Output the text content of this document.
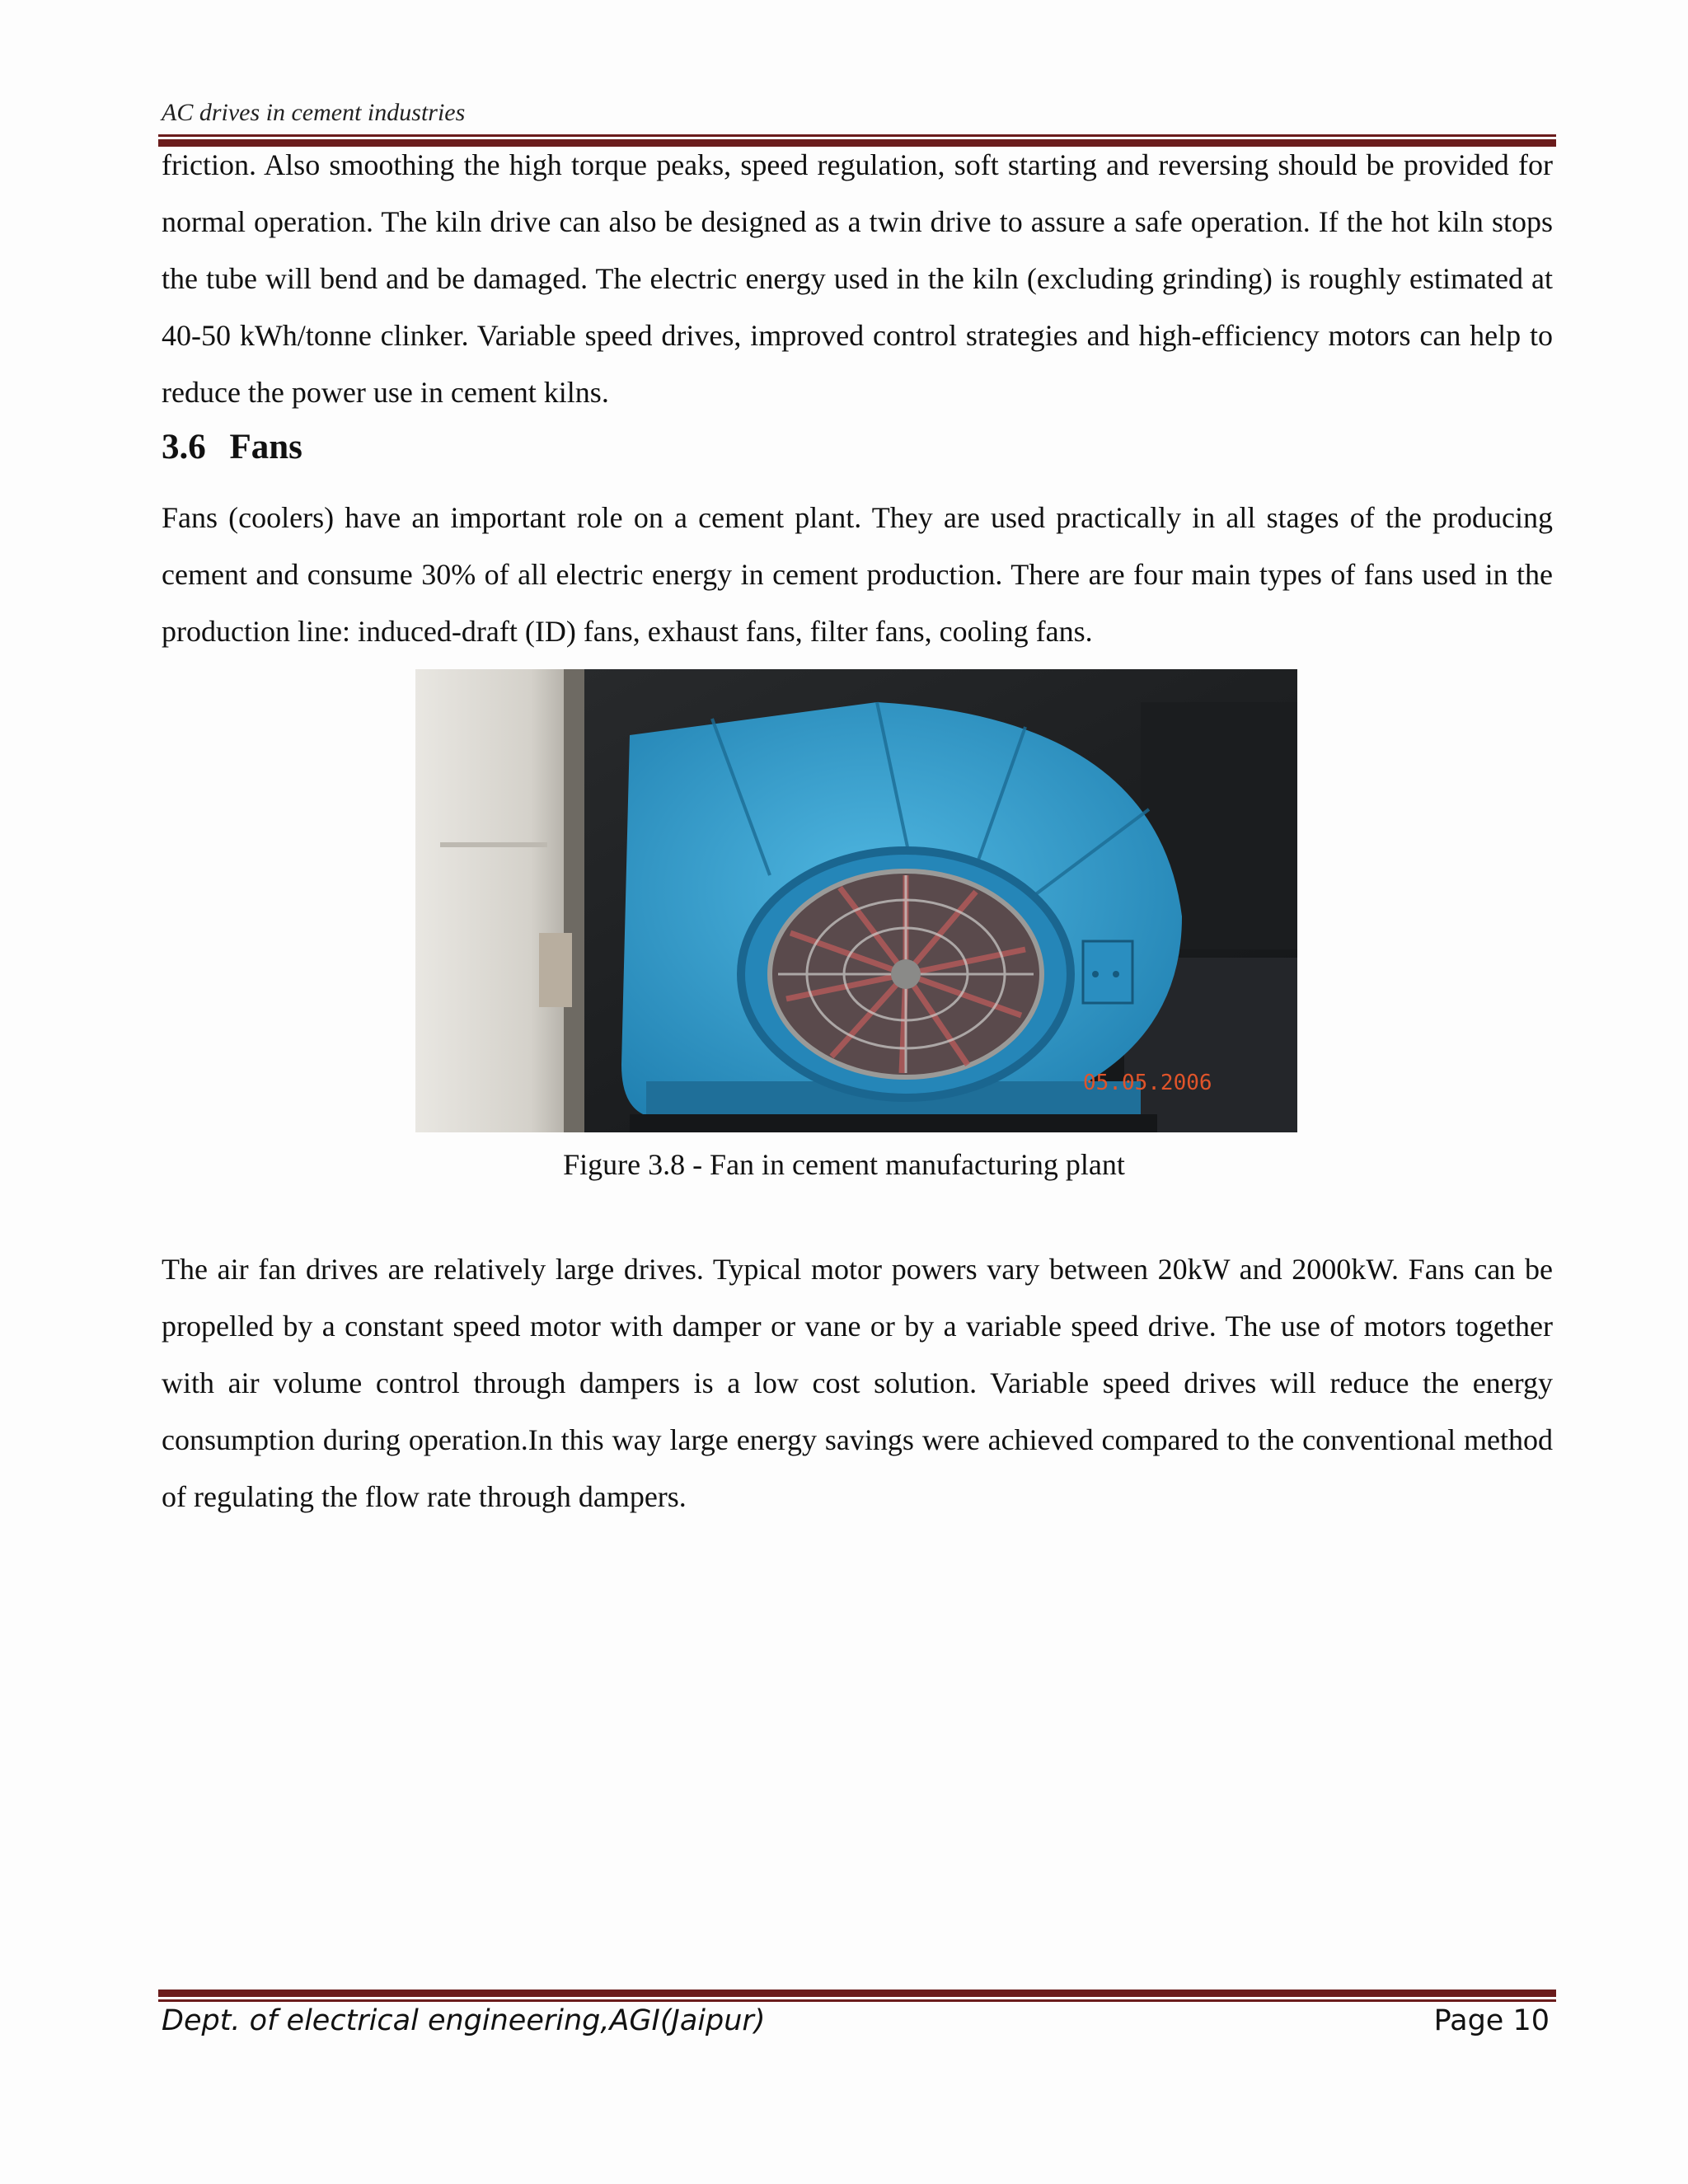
AC drives in cement industries

friction. Also smoothing the high torque peaks, speed regulation, soft starting and reversing should be provided for normal operation. The kiln drive can also be designed as a twin drive to assure a safe operation. If the hot kiln stops the tube will bend and be damaged. The electric energy used in the kiln (excluding grinding) is roughly estimated at 40-50 kWh/tonne clinker. Variable speed drives, improved control strategies and high-efficiency motors can help to reduce the power use in cement kilns.

3.6 Fans

Fans (coolers) have an important role on a cement plant. They are used practically in all stages of the producing cement and consume 30% of all electric energy in cement production. There are four main types of fans used in the production line: induced-draft (ID) fans, exhaust fans, filter fans, cooling fans.

05.05.2006

Figure 3.8 - Fan in cement manufacturing plant

The air fan drives are relatively large drives. Typical motor powers vary between 20kW and 2000kW. Fans can be propelled by a constant speed motor with damper or vane or by a variable speed drive. The use of motors together with air volume control through dampers is a low cost solution. Variable speed drives will reduce the energy consumption during operation.In this way large energy savings were achieved compared to the conventional method of regulating the flow rate through dampers.

Dept. of electrical engineering,AGI(Jaipur)	Page 10
